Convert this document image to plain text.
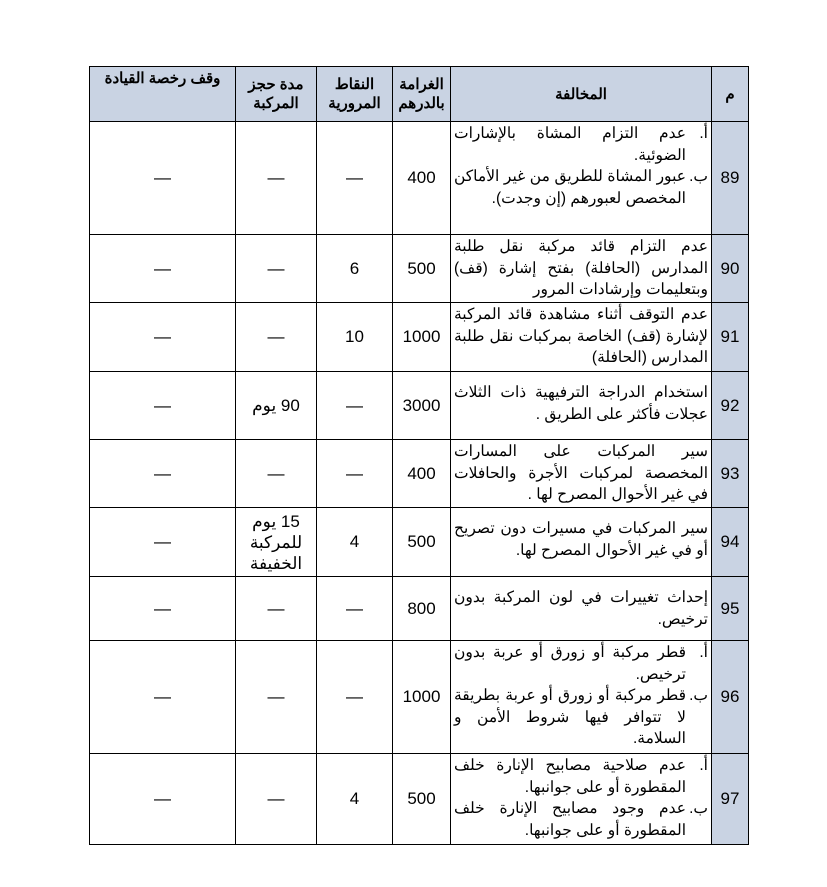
م	المخالفة	الغرامة بالدرهم	النقاط المرورية	مدة حجز المركبة	وقف رخصة القيادة
89	أ.
عدم التزام المشاة بالإشارات الضوئية.
ب.
عبور المشاة للطريق من غير الأماكن المخصص لعبورهم (إن وجدت).	400	—	—	—
90	عدم التزام قائد مركبة نقل طلبة المدارس (الحافلة) بفتح إشارة (قف) وبتعليمات وإرشادات المرور	500	6	—	—
91	عدم التوقف أثناء مشاهدة قائد المركبة لإشارة (قف) الخاصة بمركبات نقل طلبة المدارس (الحافلة)	1000	10	—	—
92	استخدام الدراجة الترفيهية ذات الثلاث عجلات فأكثر على الطريق .	3000	—	90 يوم	—
93	سير المركبات على المسارات المخصصة لمركبات الأجرة والحافلات في غير الأحوال المصرح لها .	400	—	—	—
94	سير المركبات في مسيرات دون تصريح أو في غير الأحوال المصرح لها.	500	4	15 يوم
للمركبة
الخفيفة	—
95	إحداث تغييرات في لون المركبة بدون ترخيص.	800	—	—	—
96	أ.
قطر مركبة أو زورق أو عربة بدون ترخيص.
ب.
قطر مركبة أو زورق أو عربة بطريقة لا تتوافر فيها شروط الأمن و السلامة.	1000	—	—	—
97	أ.
عدم صلاحية مصابيح الإنارة خلف المقطورة أو على جوانبها.
ب.
عدم وجود مصابيح الإنارة خلف المقطورة أو على جوانبها.	500	4	—	—
